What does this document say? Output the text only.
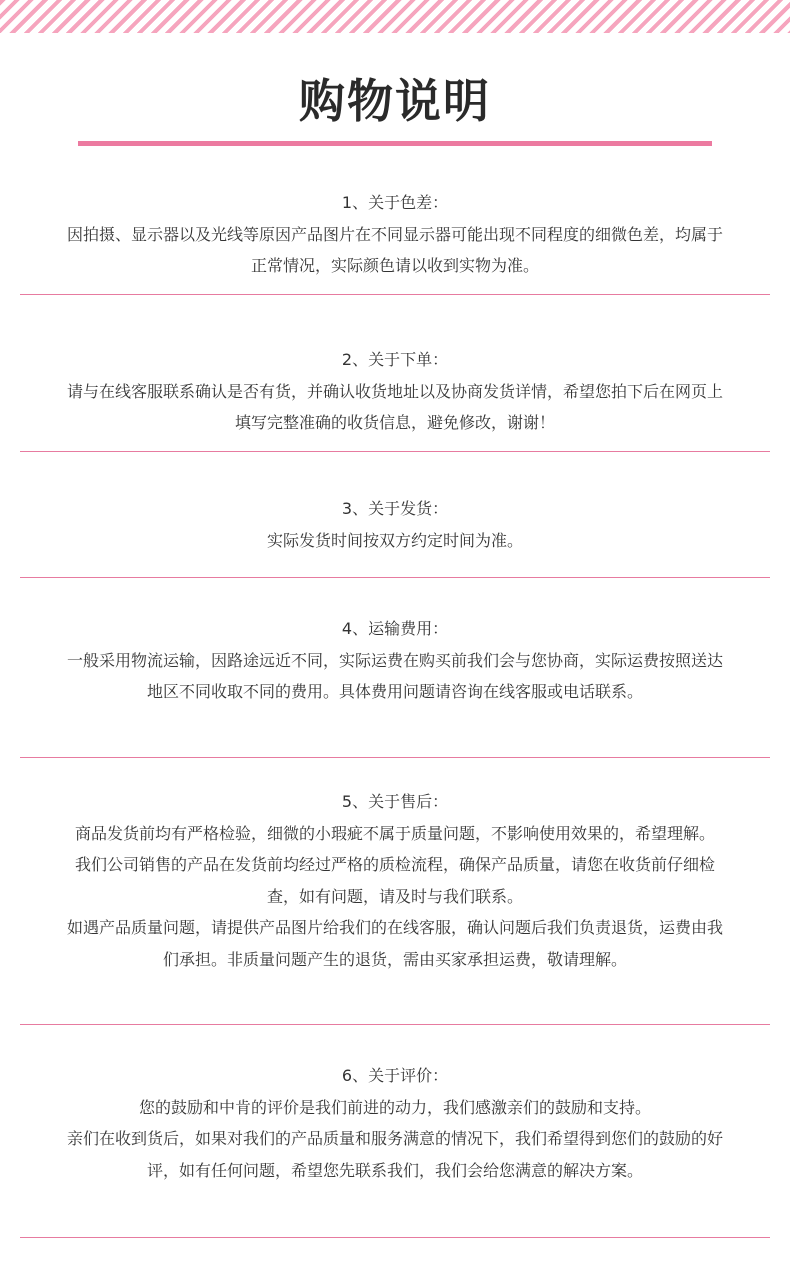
购物说明
1、关于色差：
因拍摄、显示器以及光线等原因产品图片在不同显示器可能出现不同程度的细微色差，均属于正常情况，实际颜色请以收到实物为准。
2、关于下单：
请与在线客服联系确认是否有货，并确认收货地址以及协商发货详情，希望您拍下后在网页上填写完整准确的收货信息，避免修改，谢谢！
3、关于发货：
实际发货时间按双方约定时间为准。
4、运输费用：
一般采用物流运输，因路途远近不同，实际运费在购买前我们会与您协商，实际运费按照送达地区不同收取不同的费用。具体费用问题请咨询在线客服或电话联系。
5、关于售后：
商品发货前均有严格检验，细微的小瑕疵不属于质量问题，不影响使用效果的，希望理解。
我们公司销售的产品在发货前均经过严格的质检流程，确保产品质量，请您在收货前仔细检查，如有问题，请及时与我们联系。
如遇产品质量问题，请提供产品图片给我们的在线客服，确认问题后我们负责退货，运费由我们承担。非质量问题产生的退货，需由买家承担运费，敬请理解。
6、关于评价：
您的鼓励和中肯的评价是我们前进的动力，我们感激亲们的鼓励和支持。
亲们在收到货后，如果对我们的产品质量和服务满意的情况下，我们希望得到您们的鼓励的好评，如有任何问题，希望您先联系我们，我们会给您满意的解决方案。
